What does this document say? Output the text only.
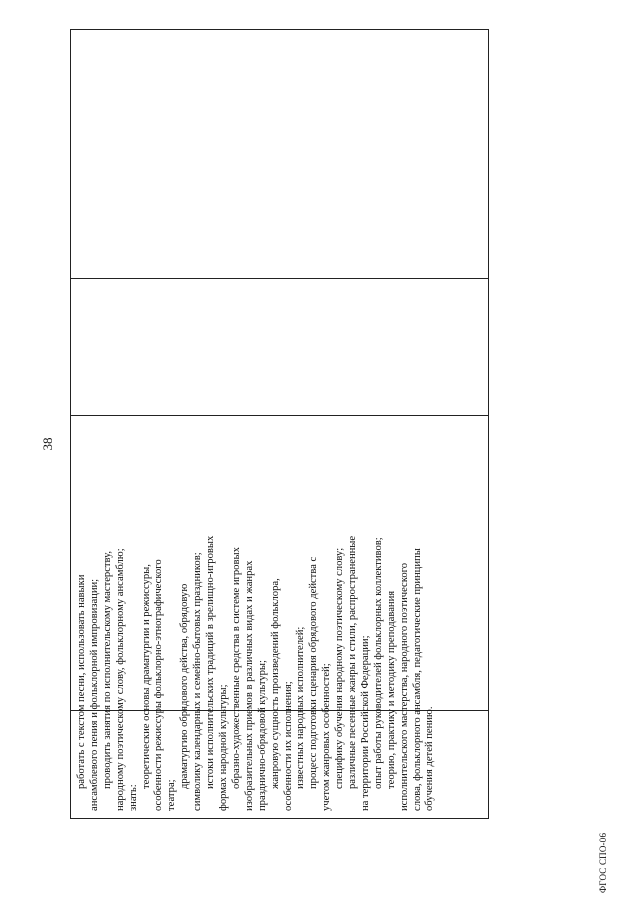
38
работать с текстом песни, использовать навыки ансамблевого пения и фольклорной импровизации; проводить занятия по исполнительскому мастерству, народному поэтическому слову, фольклорному ансамблю; знать:
теоретические основы драматургии и режиссуры, особенности режиссуры фольклорно-этнографического театра;
драматургию обрядового действа, обрядовую символику календарных и семейно-бытовых праздников; истоки исполнительских традиций в зрелищно-игровых формах народной культуры; образно-художественные средства в системе игровых изобразительных приемов в различных видах и жанрах празднично-обрядовой культуры; жанровую сущность произведений фольклора, особенности их исполнения; известных народных исполнителей; процесс подготовки сценария обрядового действа с учетом жанровых особенностей; специфику обучения народному поэтическому слову; различные песенные жанры и стили, распространенные на территории Российской Федерации; опыт работы руководителей фольклорных коллективов; теорию, практику и методику преподавания исполнительского мастерства, народного поэтического слова, фольклорного ансамбля, педагогические принципы обучения детей пению.
ФГОС СПО-06
